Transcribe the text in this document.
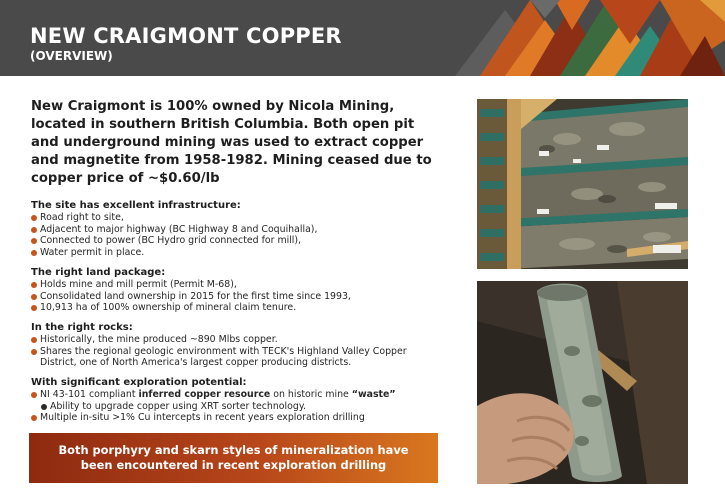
NEW CRAIGMONT COPPER
(OVERVIEW)

New Craigmont is 100% owned by Nicola Mining, located in southern British Columbia. Both open pit and underground mining was used to extract copper and magnetite from 1958-1982. Mining ceased due to copper price of ~$0.60/lb

The site has excellent infrastructure:
Road right to site,
Adjacent to major highway (BC Highway 8 and Coquihalla),
Connected to power (BC Hydro grid connected for mill),
Water permit in place.
The right land package:
Holds mine and mill permit (Permit M-68),
Consolidated land ownership in 2015 for the first time since 1993,
10,913 ha of 100% ownership of mineral claim tenure.
In the right rocks:
Historically, the mine produced ~890 Mlbs copper.
Shares the regional geologic environment with TECK's Highland Valley Copper District, one of North America's largest copper producing districts.
With significant exploration potential:
NI 43-101 compliant inferred copper resource on historic mine “waste”
Ability to upgrade copper using XRT sorter technology.
Multiple in-situ >1% Cu intercepts in recent years exploration drilling
Both porphyry and skarn styles of mineralization have been encountered in recent exploration drilling
